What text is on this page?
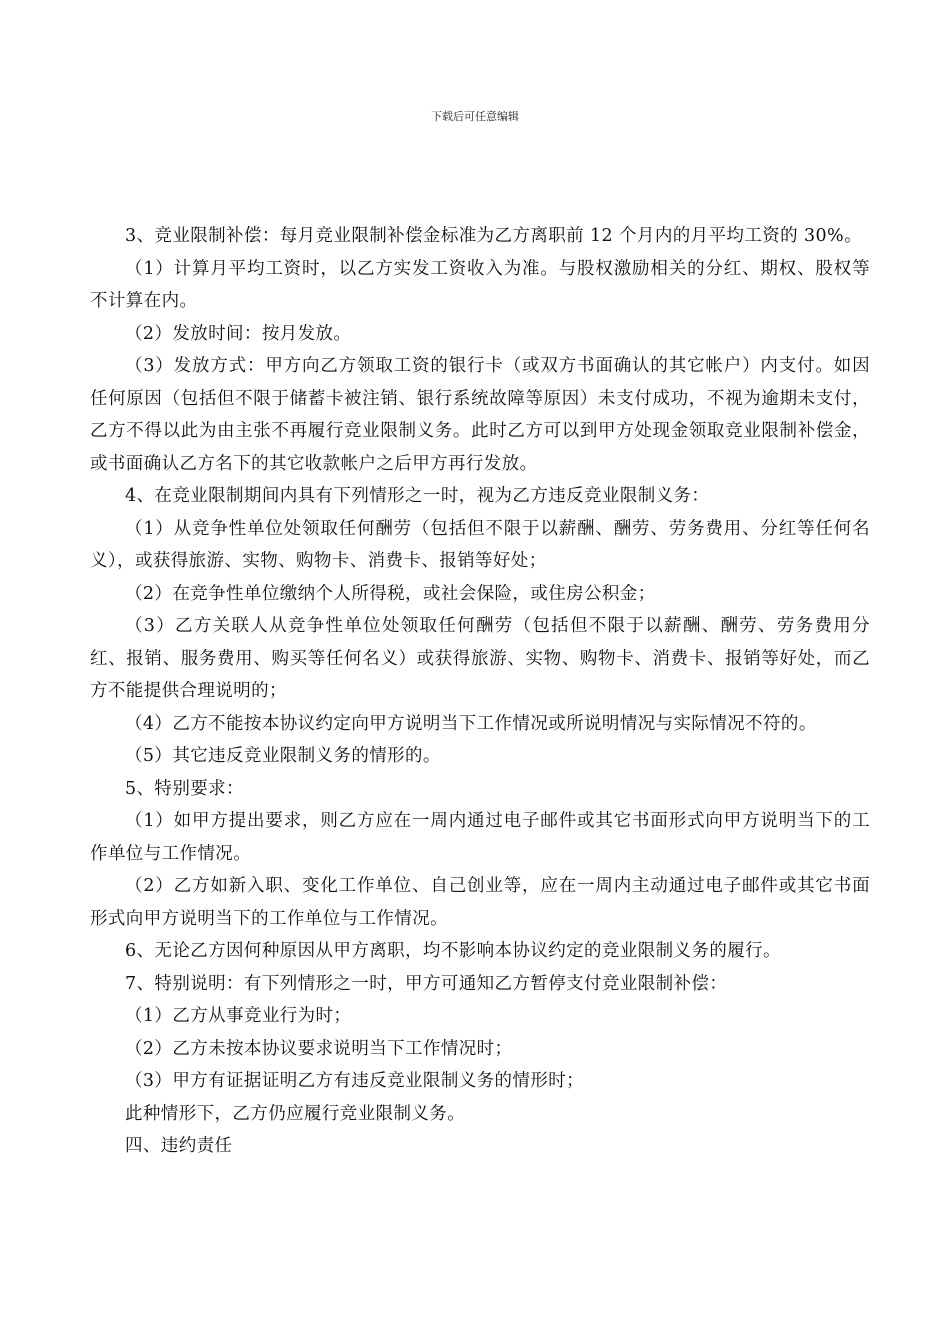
下载后可任意编辑

3、竞业限制补偿：每月竞业限制补偿金标准为乙方离职前 12 个月内的月平均工资的 30%。

（1）计算月平均工资时，以乙方实发工资收入为准。与股权激励相关的分红、期权、股权等不计算在内。

（2）发放时间：按月发放。

（3）发放方式：甲方向乙方领取工资的银行卡（或双方书面确认的其它帐户）内支付。如因任何原因（包括但不限于储蓄卡被注销、银行系统故障等原因）未支付成功，不视为逾期未支付，乙方不得以此为由主张不再履行竞业限制义务。此时乙方可以到甲方处现金领取竞业限制补偿金，或书面确认乙方名下的其它收款帐户之后甲方再行发放。

4、在竞业限制期间内具有下列情形之一时，视为乙方违反竞业限制义务：

（1）从竞争性单位处领取任何酬劳（包括但不限于以薪酬、酬劳、劳务费用、分红等任何名义），或获得旅游、实物、购物卡、消费卡、报销等好处；

（2）在竞争性单位缴纳个人所得税，或社会保险，或住房公积金；

（3）乙方关联人从竞争性单位处领取任何酬劳（包括但不限于以薪酬、酬劳、劳务费用分红、报销、服务费用、购买等任何名义）或获得旅游、实物、购物卡、消费卡、报销等好处，而乙方不能提供合理说明的；

（4）乙方不能按本协议约定向甲方说明当下工作情况或所说明情况与实际情况不符的。

（5）其它违反竞业限制义务的情形的。

5、特别要求：

（1）如甲方提出要求，则乙方应在一周内通过电子邮件或其它书面形式向甲方说明当下的工作单位与工作情况。

（2）乙方如新入职、变化工作单位、自己创业等，应在一周内主动通过电子邮件或其它书面形式向甲方说明当下的工作单位与工作情况。

6、无论乙方因何种原因从甲方离职，均不影响本协议约定的竞业限制义务的履行。

7、特别说明：有下列情形之一时，甲方可通知乙方暂停支付竞业限制补偿：

（1）乙方从事竞业行为时；

（2）乙方未按本协议要求说明当下工作情况时；

（3）甲方有证据证明乙方有违反竞业限制义务的情形时；

此种情形下，乙方仍应履行竞业限制义务。

四、违约责任
